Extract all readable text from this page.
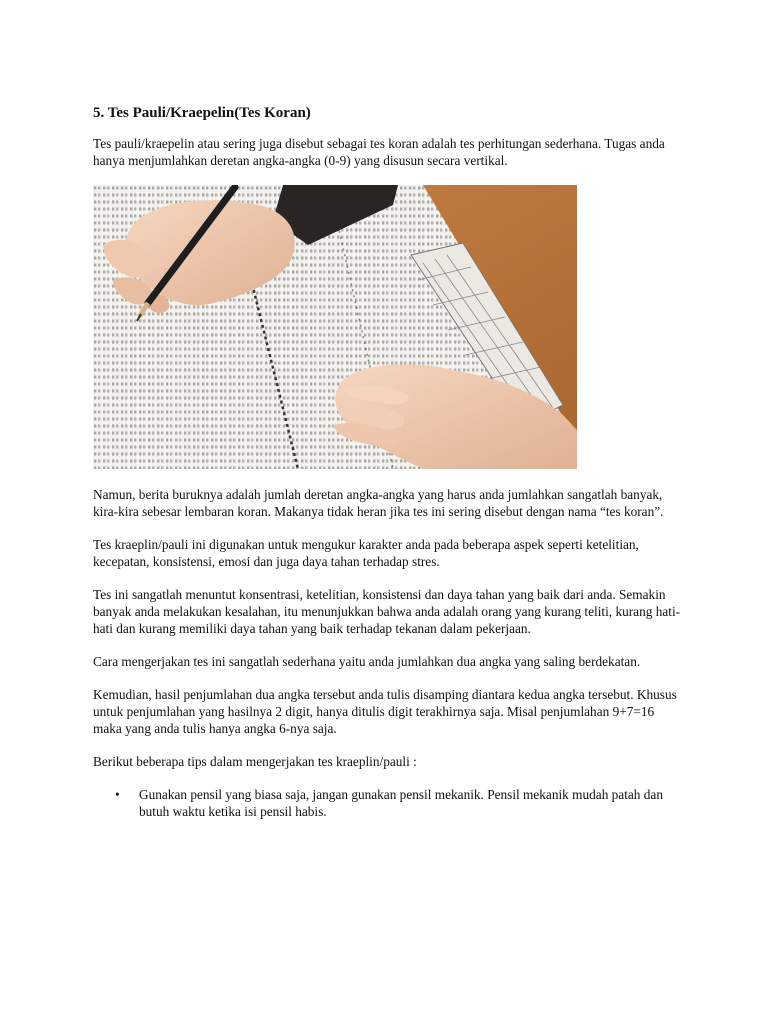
5. Tes Pauli/Kraepelin(Tes Koran)

Tes pauli/kraepelin atau sering juga disebut sebagai tes koran adalah tes perhitungan sederhana. Tugas anda hanya menjumlahkan deretan angka-angka (0-9) yang disusun secara vertikal.

Namun, berita buruknya adalah jumlah deretan angka-angka yang harus anda jumlahkan sangatlah banyak, kira-kira sebesar lembaran koran. Makanya tidak heran jika tes ini sering disebut dengan nama “tes koran”.

Tes kraeplin/pauli ini digunakan untuk mengukur karakter anda pada beberapa aspek seperti ketelitian, kecepatan, konsistensi, emosi dan juga daya tahan terhadap stres.

Tes ini sangatlah menuntut konsentrasi, ketelitian, konsistensi dan daya tahan yang baik dari anda. Semakin banyak anda melakukan kesalahan, itu menunjukkan bahwa anda adalah orang yang kurang teliti, kurang hati-hati dan kurang memiliki daya tahan yang baik terhadap tekanan dalam pekerjaan.

Cara mengerjakan tes ini sangatlah sederhana yaitu anda jumlahkan dua angka yang saling berdekatan.

Kemudian, hasil penjumlahan dua angka tersebut anda tulis disamping diantara kedua angka tersebut. Khusus untuk penjumlahan yang hasilnya 2 digit, hanya ditulis digit terakhirnya saja. Misal penjumlahan 9+7=16 maka yang anda tulis hanya angka 6-nya saja.

Berikut beberapa tips dalam mengerjakan tes kraeplin/pauli :

• Gunakan pensil yang biasa saja, jangan gunakan pensil mekanik. Pensil mekanik mudah patah dan butuh waktu ketika isi pensil habis.
